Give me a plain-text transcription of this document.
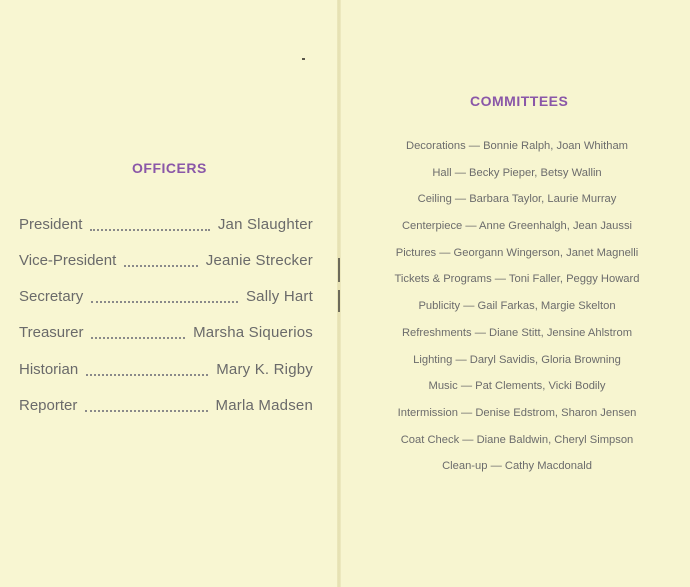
OFFICERS
President	Jan Slaughter
Vice-President	Jeanie Strecker
Secretary	Sally Hart
Treasurer	Marsha Siquerios
Historian	Mary K. Rigby
Reporter	Marla Madsen
COMMITTEES
Decorations — Bonnie Ralph, Joan Whitham
Hall — Becky Pieper, Betsy Wallin
Ceiling — Barbara Taylor, Laurie Murray
Centerpiece — Anne Greenhalgh, Jean Jaussi
Pictures — Georgann Wingerson, Janet Magnelli
Tickets & Programs — Toni Faller, Peggy Howard
Publicity — Gail Farkas, Margie Skelton
Refreshments — Diane Stitt, Jensine Ahlstrom
Lighting — Daryl Savidis, Gloria Browning
Music — Pat Clements, Vicki Bodily
Intermission — Denise Edstrom, Sharon Jensen
Coat Check — Diane Baldwin, Cheryl Simpson
Clean-up — Cathy Macdonald
